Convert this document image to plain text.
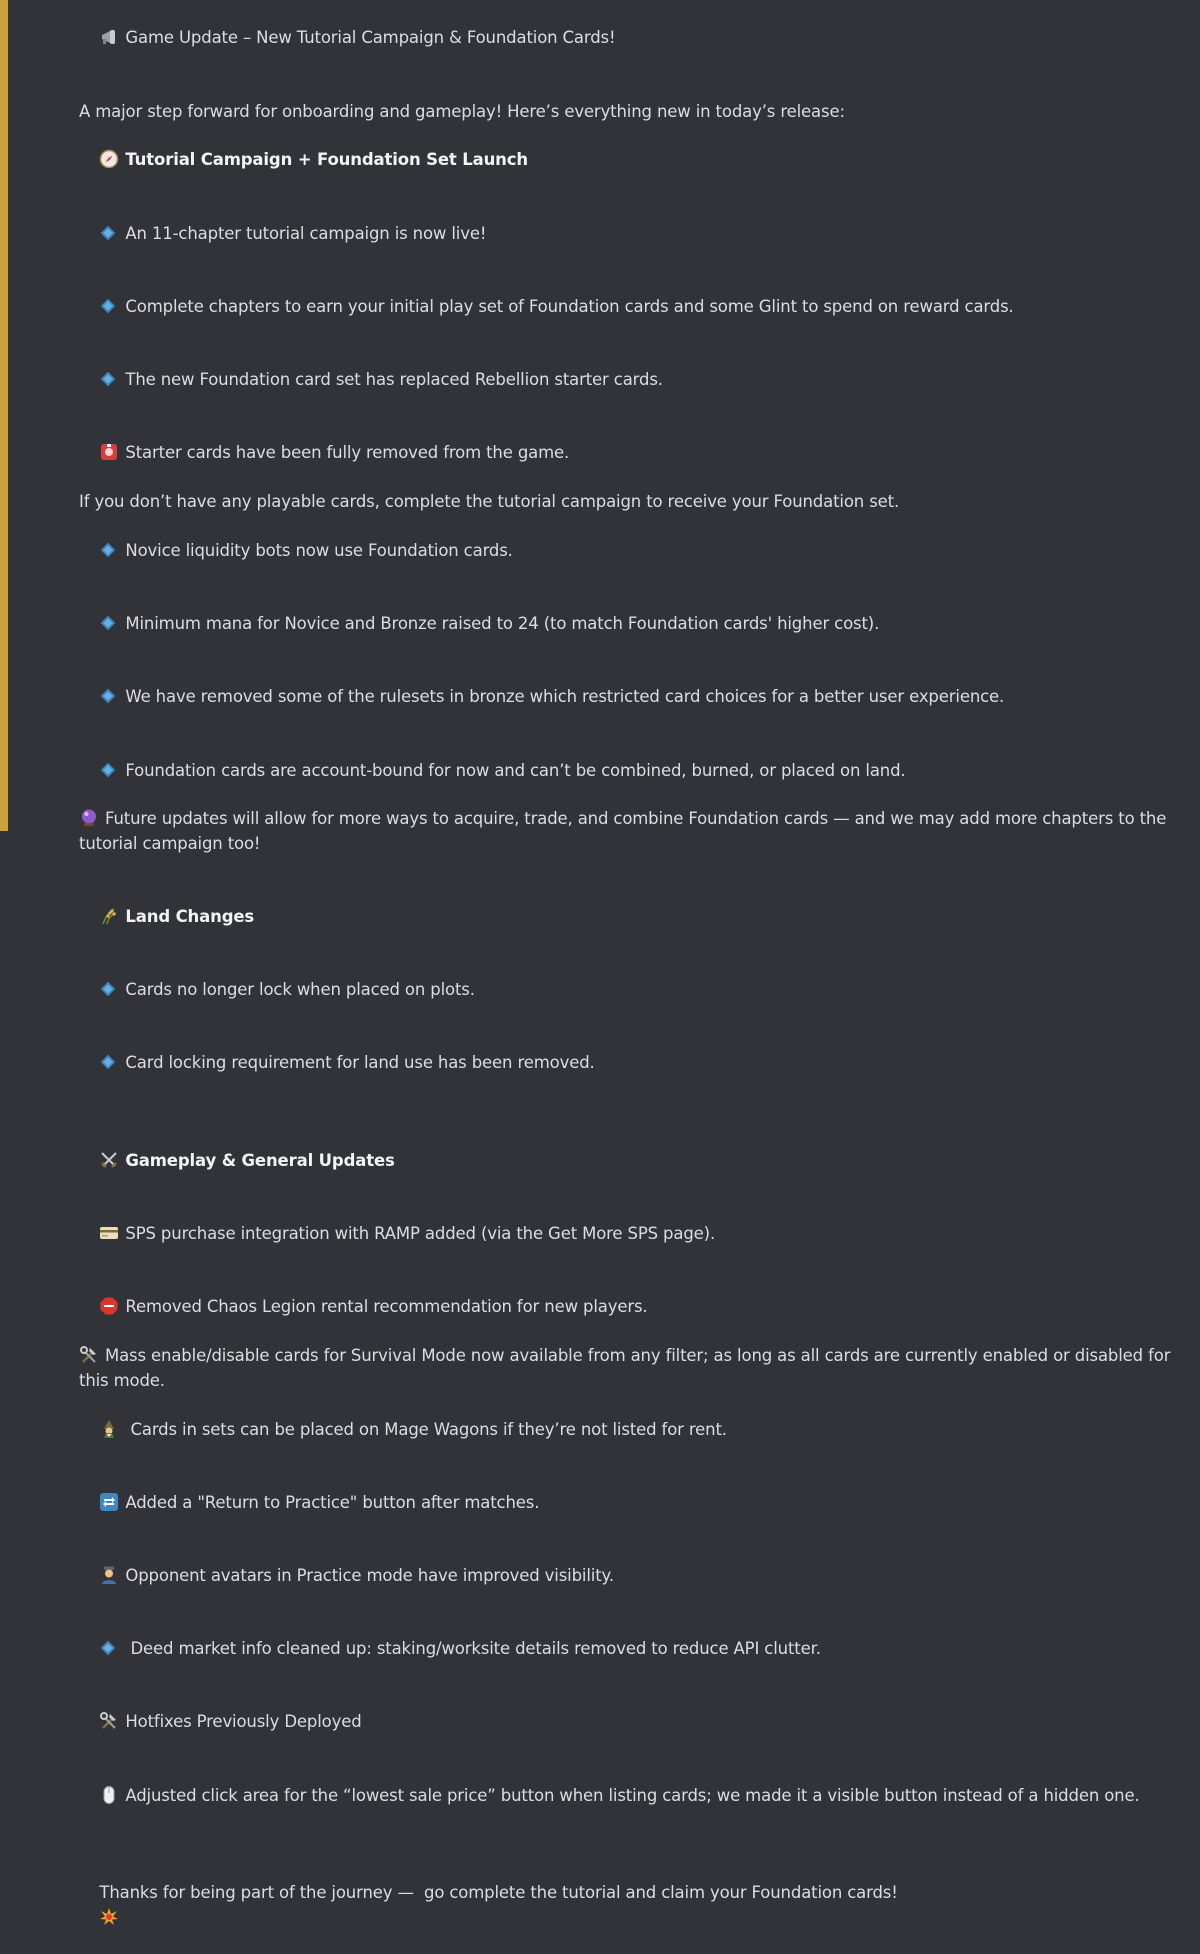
Game Update – New Tutorial Campaign & Foundation Cards!

A major step forward for onboarding and gameplay! Here’s everything new in today’s release:

Tutorial Campaign + Foundation Set Launch

An 11-chapter tutorial campaign is now live!

Complete chapters to earn your initial play set of Foundation cards and some Glint to spend on reward cards.

The new Foundation card set has replaced Rebellion starter cards.

Starter cards have been fully removed from the game.

If you don’t have any playable cards, complete the tutorial campaign to receive your Foundation set.

Novice liquidity bots now use Foundation cards.

Minimum mana for Novice and Bronze raised to 24 (to match Foundation cards' higher cost).

We have removed some of the rulesets in bronze which restricted card choices for a better user experience.

Foundation cards are account-bound for now and can’t be combined, burned, or placed on land.

Future updates will allow for more ways to acquire, trade, and combine Foundation cards — and we may add more chapters to the tutorial campaign too!

Land Changes

Cards no longer lock when placed on plots.

Card locking requirement for land use has been removed.

Gameplay & General Updates

SPS purchase integration with RAMP added (via the Get More SPS page).

Removed Chaos Legion rental recommendation for new players.

Mass enable/disable cards for Survival Mode now available from any filter; as long as all cards are currently enabled or disabled for this mode.

Cards in sets can be placed on Mage Wagons if they’re not listed for rent.

Added a "Return to Practice" button after matches.

Opponent avatars in Practice mode have improved visibility.

Deed market info cleaned up: staking/worksite details removed to reduce API clutter.

Hotfixes Previously Deployed

Adjusted click area for the “lowest sale price” button when listing cards; we made it a visible button instead of a hidden one.

Thanks for being part of the journey —  go complete the tutorial and claim your Foundation cards!
